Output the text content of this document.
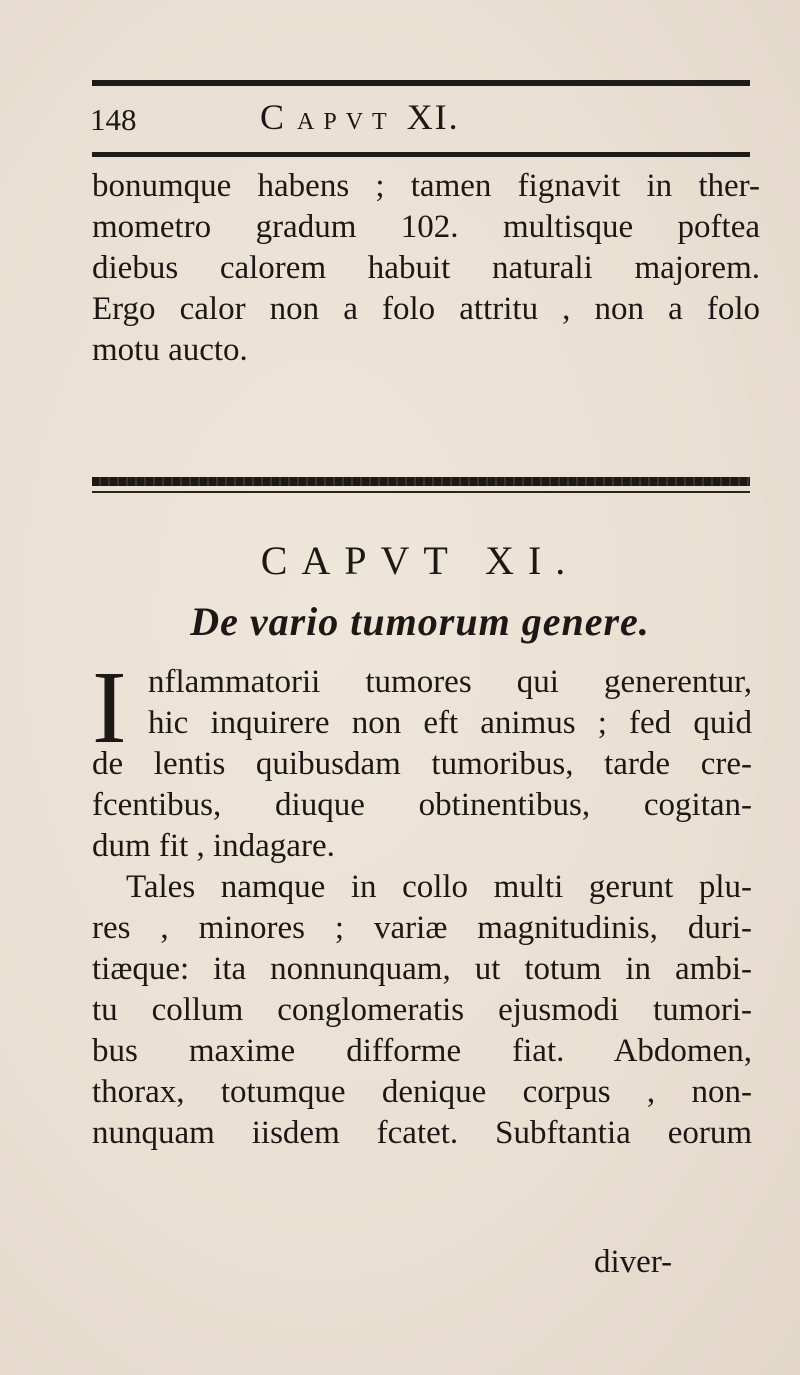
148	C APVT XI.
bonumque habens ; tamen fignavit in ther-
mometro gradum 102. multisque poftea
diebus calorem habuit naturali majorem.
Ergo calor non a folo attritu , non a folo
motu aucto.
CAPVT XI.
De vario tumorum genere.
I nflammatorii tumores qui generentur,
hic inquirere non eft animus ; fed quid
de lentis quibusdam tumoribus, tarde cre-
fcentibus, diuque obtinentibus, cogitan-
dum fit , indagare.
Tales namque in collo multi gerunt plu-
res , minores ; variæ magnitudinis, duri-
tiæque: ita nonnunquam, ut totum in ambi-
tu collum conglomeratis ejusmodi tumori-
bus maxime difforme fiat. Abdomen,
thorax, totumque denique corpus , non-
nunquam iisdem fcatet. Subftantia eorum
diver-
